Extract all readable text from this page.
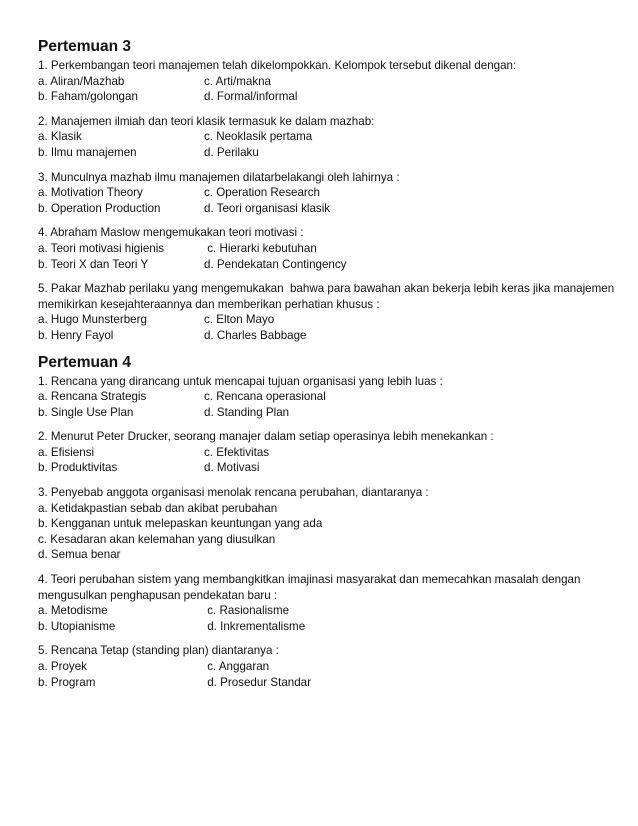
Pertemuan 3
1. Perkembangan teori manajemen telah dikelompokkan. Kelompok tersebut dikenal dengan:
a. Aliran/Mazhab	c. Arti/makna
b. Faham/golongan	d. Formal/informal
2. Manajemen ilmiah dan teori klasik termasuk ke dalam mazhab:
a. Klasik	c. Neoklasik pertama
b. Ilmu manajemen	d. Perilaku
3. Munculnya mazhab ilmu manajemen dilatarbelakangi oleh lahirnya :
a. Motivation Theory	c. Operation Research
b. Operation Production	d. Teori organisasi klasik
4. Abraham Maslow mengemukakan teori motivasi :
a. Teori motivasi higienis	c. Hierarki kebutuhan
b. Teori X dan Teori Y	d. Pendekatan Contingency
5. Pakar Mazhab perilaku yang mengemukakan  bahwa para bawahan akan bekerja lebih keras jika manajemen memikirkan kesejahteraannya dan memberikan perhatian khusus :
a. Hugo Munsterberg	c. Elton Mayo
b. Henry Fayol	d. Charles Babbage
Pertemuan 4
1. Rencana yang dirancang untuk mencapai tujuan organisasi yang lebih luas :
a. Rencana Strategis	c. Rencana operasional
b. Single Use Plan	d. Standing Plan
2. Menurut Peter Drucker, seorang manajer dalam setiap operasinya lebih menekankan :
a. Efisiensi	c. Efektivitas
b. Produktivitas	d. Motivasi
3. Penyebab anggota organisasi menolak rencana perubahan, diantaranya :
a. Ketidakpastian sebab dan akibat perubahan
b. Kengganan untuk melepaskan keuntungan yang ada
c. Kesadaran akan kelemahan yang diusulkan
d. Semua benar
4. Teori perubahan sistem yang membangkitkan imajinasi masyarakat dan memecahkan masalah dengan mengusulkan penghapusan pendekatan baru :
a. Metodisme	c. Rasionalisme
b. Utopianisme	d. Inkrementalisme
5. Rencana Tetap (standing plan) diantaranya :
a. Proyek	c. Anggaran
b. Program	d. Prosedur Standar
